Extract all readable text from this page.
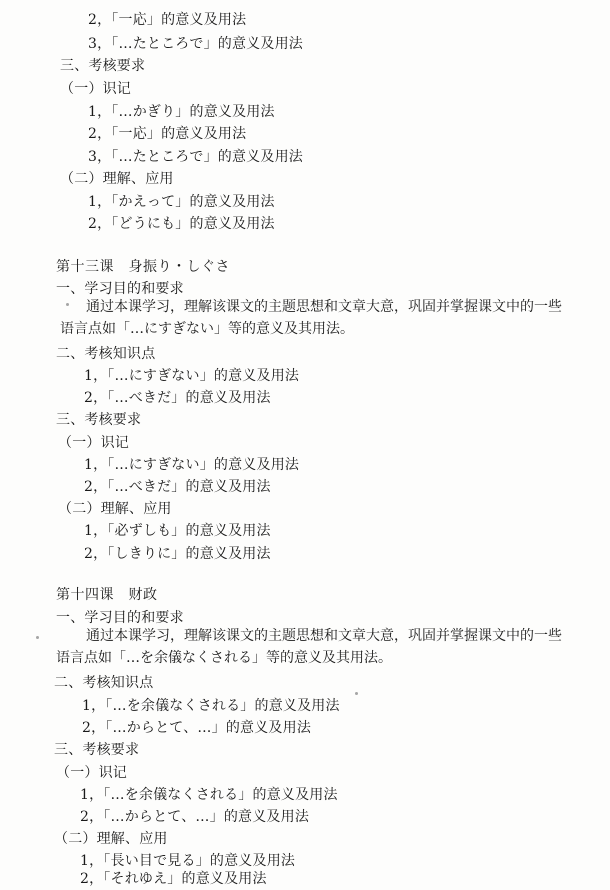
2，「一応」的意义及用法
3，「…たところで」的意义及用法
三、考核要求
（一）识记
1，「…かぎり」的意义及用法
2，「一応」的意义及用法
3，「…たところで」的意义及用法
（二）理解、应用
1，「かえって」的意义及用法
2，「どうにも」的意义及用法
第十三课　身振り・しぐさ
一、学习目的和要求
通过本课学习，理解该课文的主题思想和文章大意，巩固并掌握课文中的一些
语言点如「…にすぎない」等的意义及其用法。
二、考核知识点
1，「…にすぎない」的意义及用法
2，「…べきだ」的意义及用法
三、考核要求
（一）识记
1，「…にすぎない」的意义及用法
2，「…べきだ」的意义及用法
（二）理解、应用
1，「必ずしも」的意义及用法
2，「しきりに」的意义及用法
第十四课　财政
一、学习目的和要求
通过本课学习，理解该课文的主题思想和文章大意，巩固并掌握课文中的一些
语言点如「…を余儀なくされる」等的意义及其用法。
二、考核知识点
1，「…を余儀なくされる」的意义及用法
2，「…からとて、…」的意义及用法
三、考核要求
（一）识记
1，「…を余儀なくされる」的意义及用法
2，「…からとて、…」的意义及用法
（二）理解、应用
1，「長い目で見る」的意义及用法
2，「それゆえ」的意义及用法
